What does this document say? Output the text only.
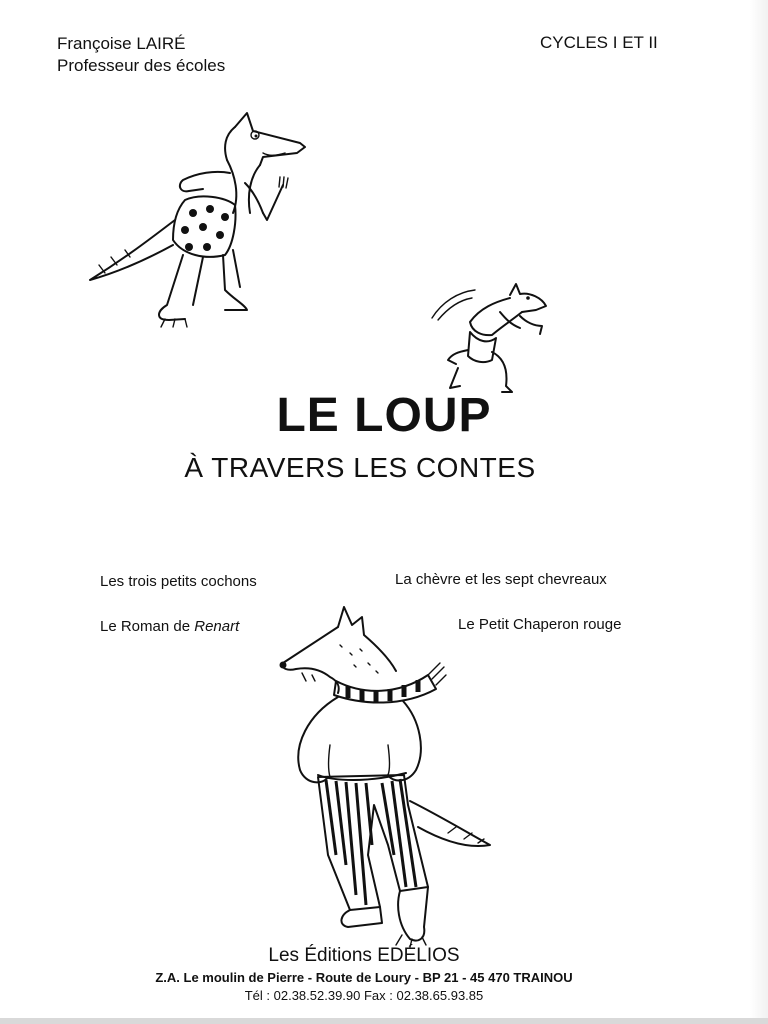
Françoise LAIRÉ
Professeur des écoles
CYCLES I ET II
LE LOUP
À TRAVERS LES CONTES
Les trois petits cochons	La chèvre et les sept chevreaux
Le Roman de Renart	Le Petit Chaperon rouge
Les Éditions EDÉLIOS
Z.A. Le moulin de Pierre - Route de Loury - BP 21 - 45 470 TRAINOU
Tél : 02.38.52.39.90 Fax : 02.38.65.93.85
